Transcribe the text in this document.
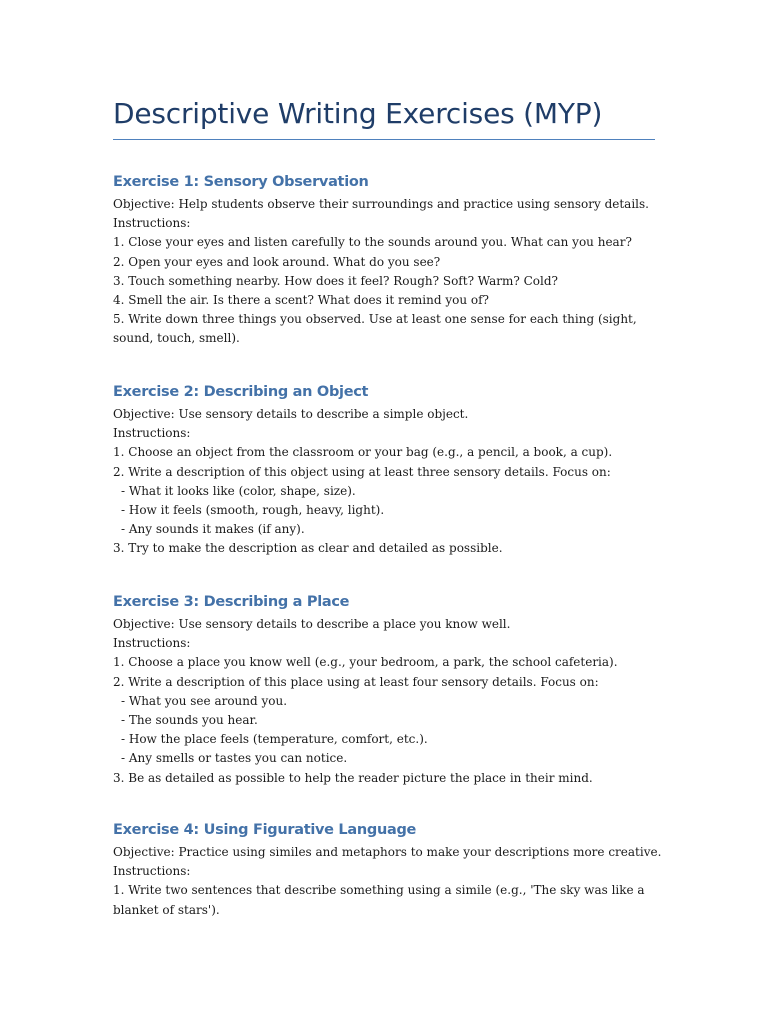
Descriptive Writing Exercises (MYP)
Exercise 1: Sensory Observation
Objective: Help students observe their surroundings and practice using sensory details.
Instructions:
1. Close your eyes and listen carefully to the sounds around you. What can you hear?
2. Open your eyes and look around. What do you see?
3. Touch something nearby. How does it feel? Rough? Soft? Warm? Cold?
4. Smell the air. Is there a scent? What does it remind you of?
5. Write down three things you observed. Use at least one sense for each thing (sight, sound, touch, smell).
Exercise 2: Describing an Object
Objective: Use sensory details to describe a simple object.
Instructions:
1. Choose an object from the classroom or your bag (e.g., a pencil, a book, a cup).
2. Write a description of this object using at least three sensory details. Focus on:
- What it looks like (color, shape, size).
- How it feels (smooth, rough, heavy, light).
- Any sounds it makes (if any).
3. Try to make the description as clear and detailed as possible.
Exercise 3: Describing a Place
Objective: Use sensory details to describe a place you know well.
Instructions:
1. Choose a place you know well (e.g., your bedroom, a park, the school cafeteria).
2. Write a description of this place using at least four sensory details. Focus on:
- What you see around you.
- The sounds you hear.
- How the place feels (temperature, comfort, etc.).
- Any smells or tastes you can notice.
3. Be as detailed as possible to help the reader picture the place in their mind.
Exercise 4: Using Figurative Language
Objective: Practice using similes and metaphors to make your descriptions more creative.
Instructions:
1. Write two sentences that describe something using a simile (e.g., 'The sky was like a blanket of stars').
